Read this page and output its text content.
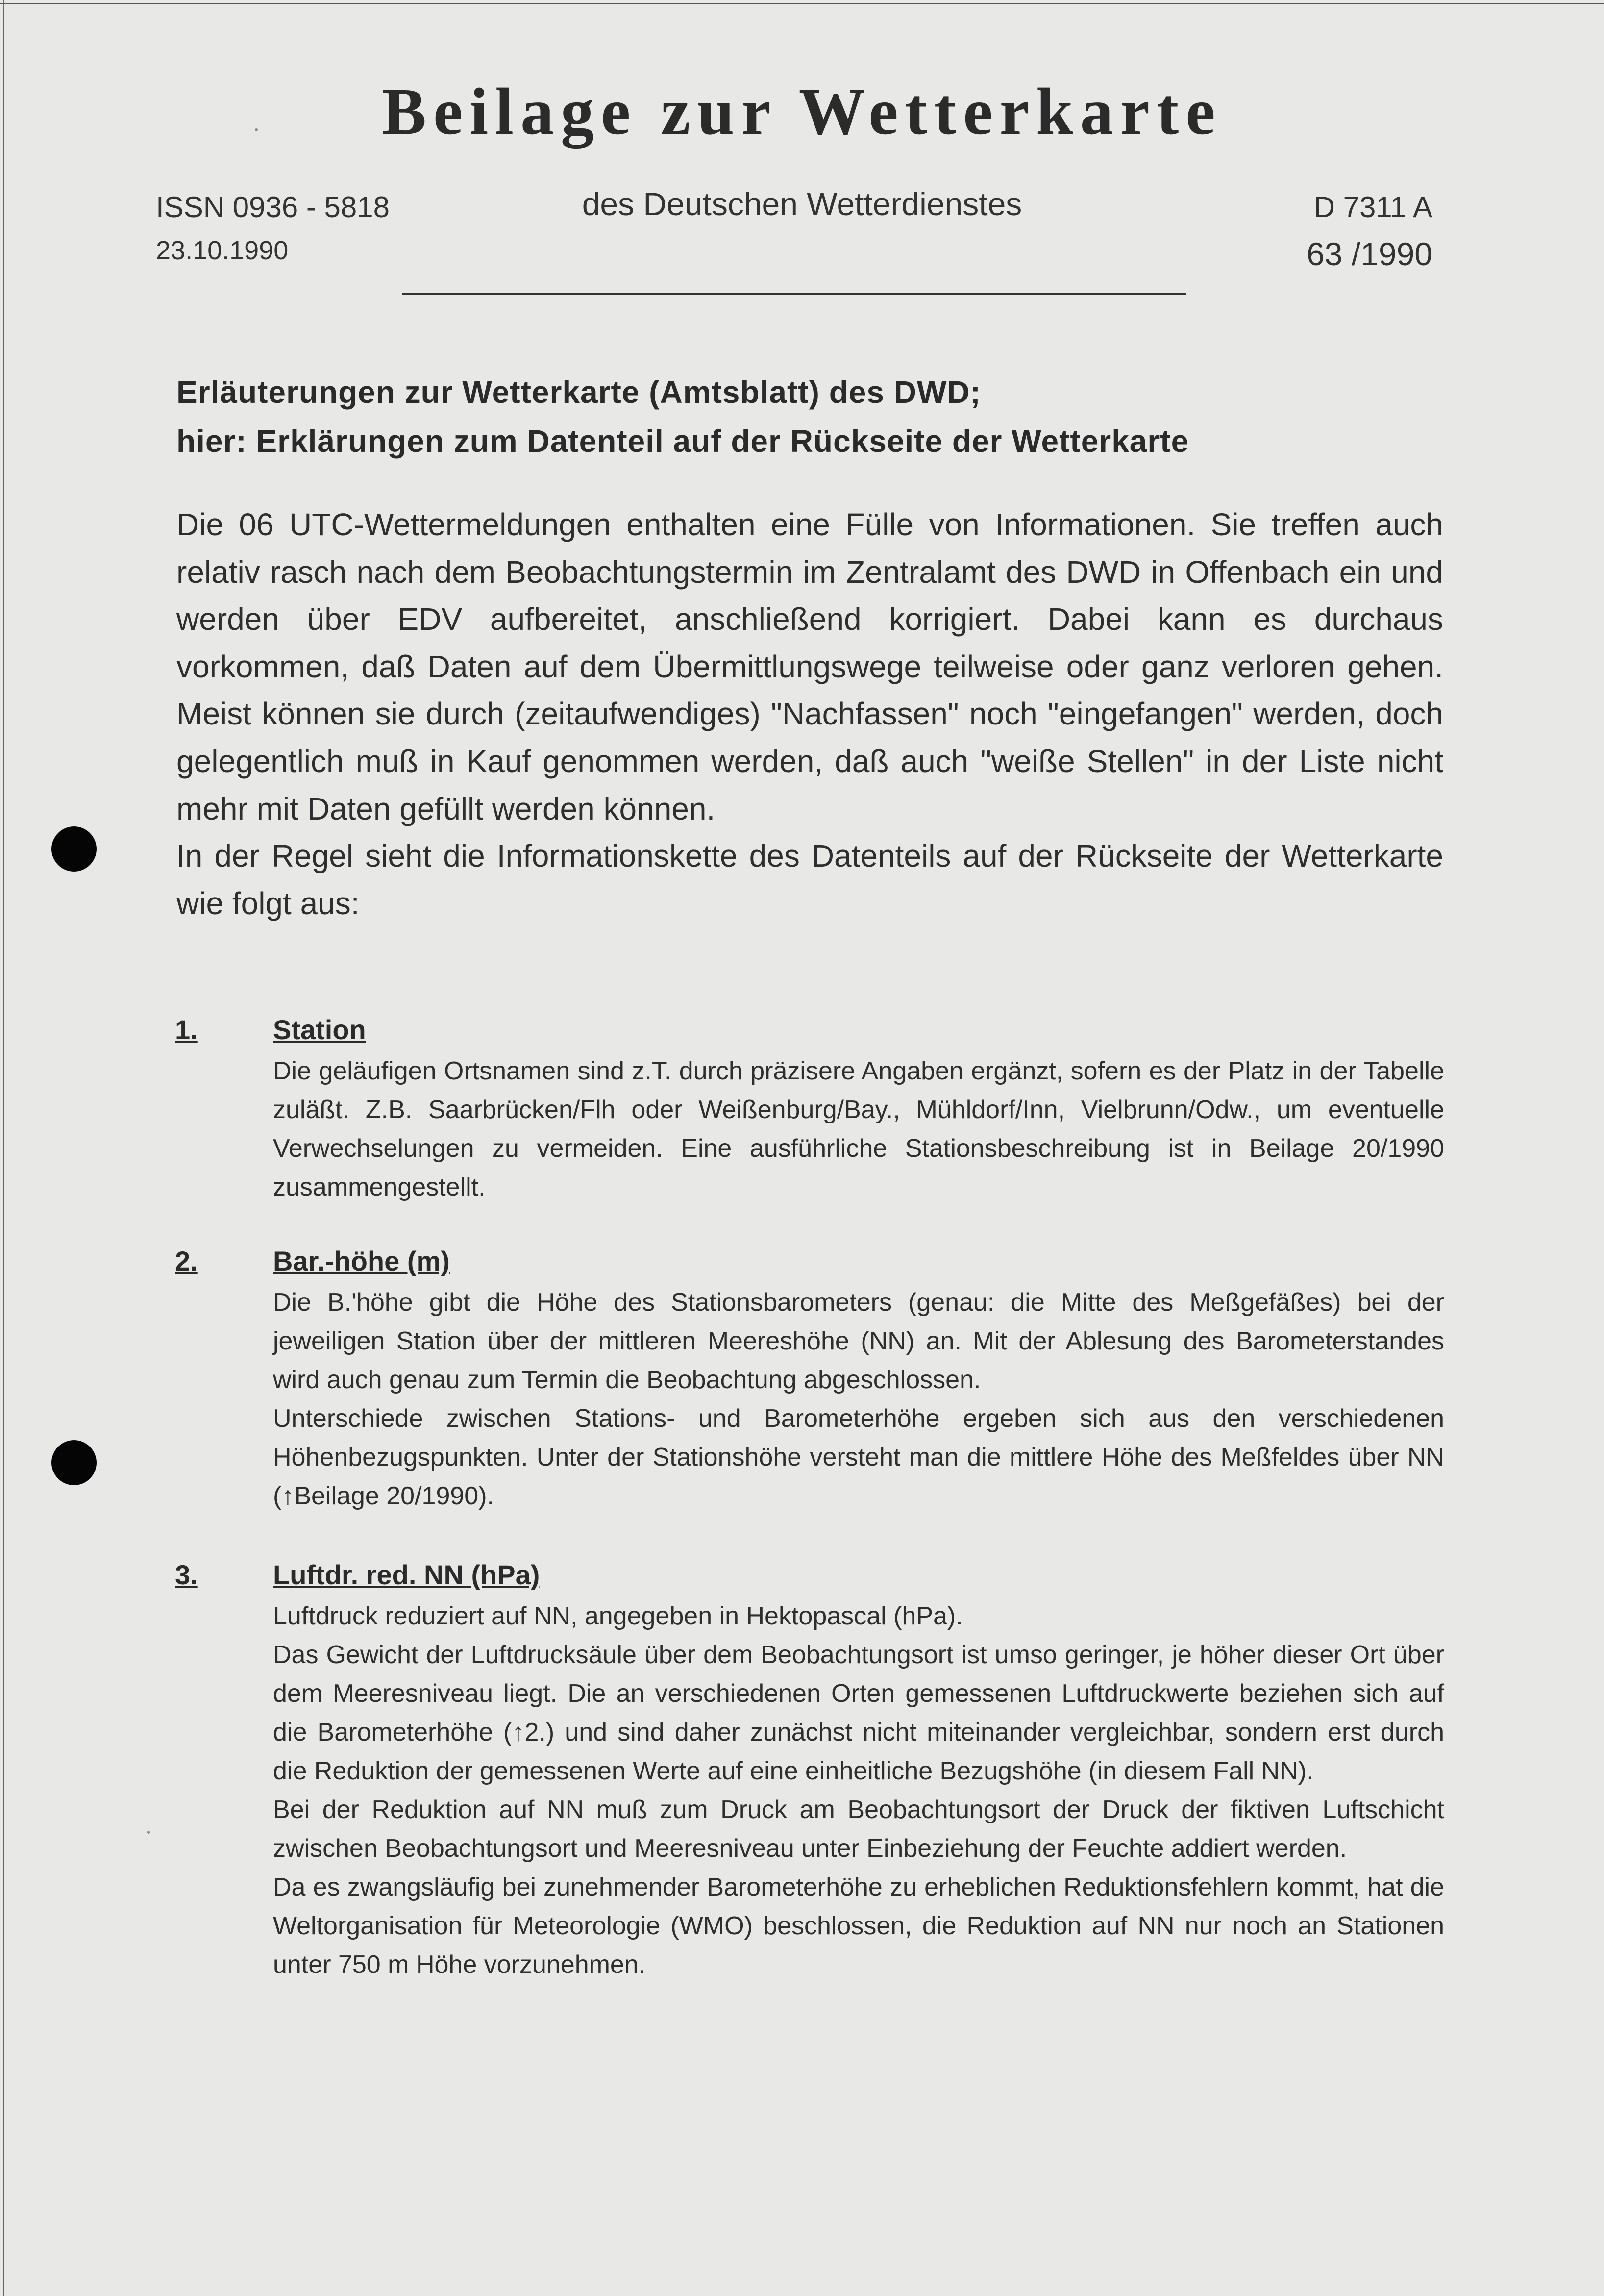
Beilage zur Wetterkarte
ISSN 0936 - 5818
23.10.1990
des Deutschen Wetterdienstes	D 7311 A
63 /1990
Erläuterungen zur Wetterkarte (Amtsblatt) des DWD;
hier: Erklärungen zum Datenteil auf der Rückseite der Wetterkarte

Die 06 UTC-Wettermeldungen enthalten eine Fülle von Informationen. Sie treffen auch relativ rasch nach dem Beobachtungstermin im Zentralamt des DWD in Offenbach ein und werden über EDV aufbereitet, anschließend korrigiert. Dabei kann es durchaus vorkommen, daß Daten auf dem Übermittlungswege teilweise oder ganz verloren gehen. Meist können sie durch (zeitaufwendiges) "Nachfassen" noch "eingefangen" werden, doch gelegentlich muß in Kauf genommen werden, daß auch "weiße Stellen" in der Liste nicht mehr mit Daten gefüllt werden können.

In der Regel sieht die Informationskette des Datenteils auf der Rückseite der Wetterkarte wie folgt aus:

1.	Station

Die geläufigen Ortsnamen sind z.T. durch präzisere Angaben ergänzt, sofern es der Platz in der Tabelle zuläßt. Z.B. Saarbrücken/Flh oder Weißenburg/Bay., Mühldorf/Inn, Vielbrunn/Odw., um eventuelle Verwechselungen zu vermeiden. Eine ausführliche Stationsbeschreibung ist in Beilage 20/1990 zusammengestellt.

2.	Bar.-höhe (m)

Die B.'höhe gibt die Höhe des Stationsbarometers (genau: die Mitte des Meßgefäßes) bei der jeweiligen Station über der mittleren Meereshöhe (NN) an. Mit der Ablesung des Barometerstandes wird auch genau zum Termin die Beobachtung abgeschlossen.

Unterschiede zwischen Stations- und Barometerhöhe ergeben sich aus den verschiedenen Höhenbezugspunkten. Unter der Stationshöhe versteht man die mittlere Höhe des Meßfeldes über NN (↑Beilage 20/1990).

3.	Luftdr. red. NN (hPa)

Luftdruck reduziert auf NN, angegeben in Hektopascal (hPa).

Das Gewicht der Luftdrucksäule über dem Beobachtungsort ist umso geringer, je höher dieser Ort über dem Meeresniveau liegt. Die an verschiedenen Orten gemessenen Luftdruckwerte beziehen sich auf die Barometerhöhe (↑2.) und sind daher zunächst nicht miteinander vergleichbar, sondern erst durch die Reduktion der gemessenen Werte auf eine einheitliche Bezugshöhe (in diesem Fall NN).

Bei der Reduktion auf NN muß zum Druck am Beobachtungsort der Druck der fiktiven Luftschicht zwischen Beobachtungsort und Meeresniveau unter Einbeziehung der Feuchte addiert werden.

Da es zwangsläufig bei zunehmender Barometerhöhe zu erheblichen Reduktionsfehlern kommt, hat die Weltorganisation für Meteorologie (WMO) beschlossen, die Reduktion auf NN nur noch an Stationen unter 750 m Höhe vorzunehmen.
